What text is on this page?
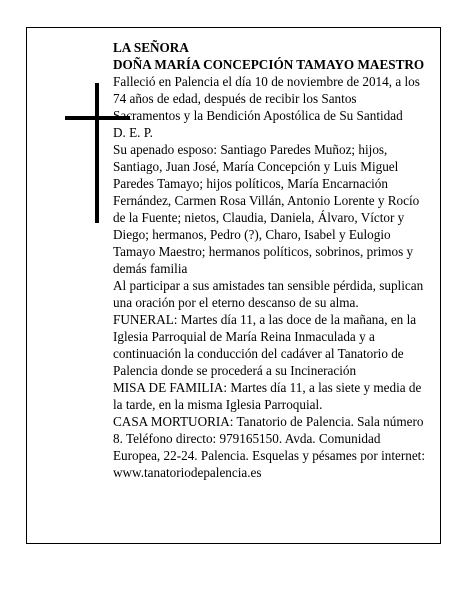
LA SEÑORA

DOÑA MARÍA CONCEPCIÓN TAMAYO MAESTRO

Falleció en Palencia el día 10 de noviembre de 2014, a los 74 años de edad, después de recibir los Santos Sacramentos y la Bendición Apostólica de Su Santidad

D. E. P.

Su apenado esposo: Santiago Paredes Muñoz; hijos, Santiago, Juan José, María Concepción y Luis Miguel Paredes Tamayo; hijos políticos, María Encarnación Fernández, Carmen Rosa Villán, Antonio Lorente y Rocío de la Fuente; nietos, Claudia, Daniela, Álvaro, Víctor y Diego; hermanos, Pedro (?), Charo, Isabel y Eulogio Tamayo Maestro; hermanos políticos, sobrinos, primos y demás familia

Al participar a sus amistades tan sensible pérdida, suplican una oración por el eterno descanso de su alma.

FUNERAL: Martes día 11, a las doce de la mañana, en la Iglesia Parroquial de María Reina Inmaculada y a continuación la conducción del cadáver al Tanatorio de Palencia donde se procederá a su Incineración

MISA DE FAMILIA: Martes día 11, a las siete y media de la tarde, en la misma Iglesia Parroquial.

CASA MORTUORIA: Tanatorio de Palencia. Sala número 8. Teléfono directo: 979165150. Avda. Comunidad Europea, 22-24. Palencia. Esquelas y pésames por internet: www.tanatoriodepalencia.es
